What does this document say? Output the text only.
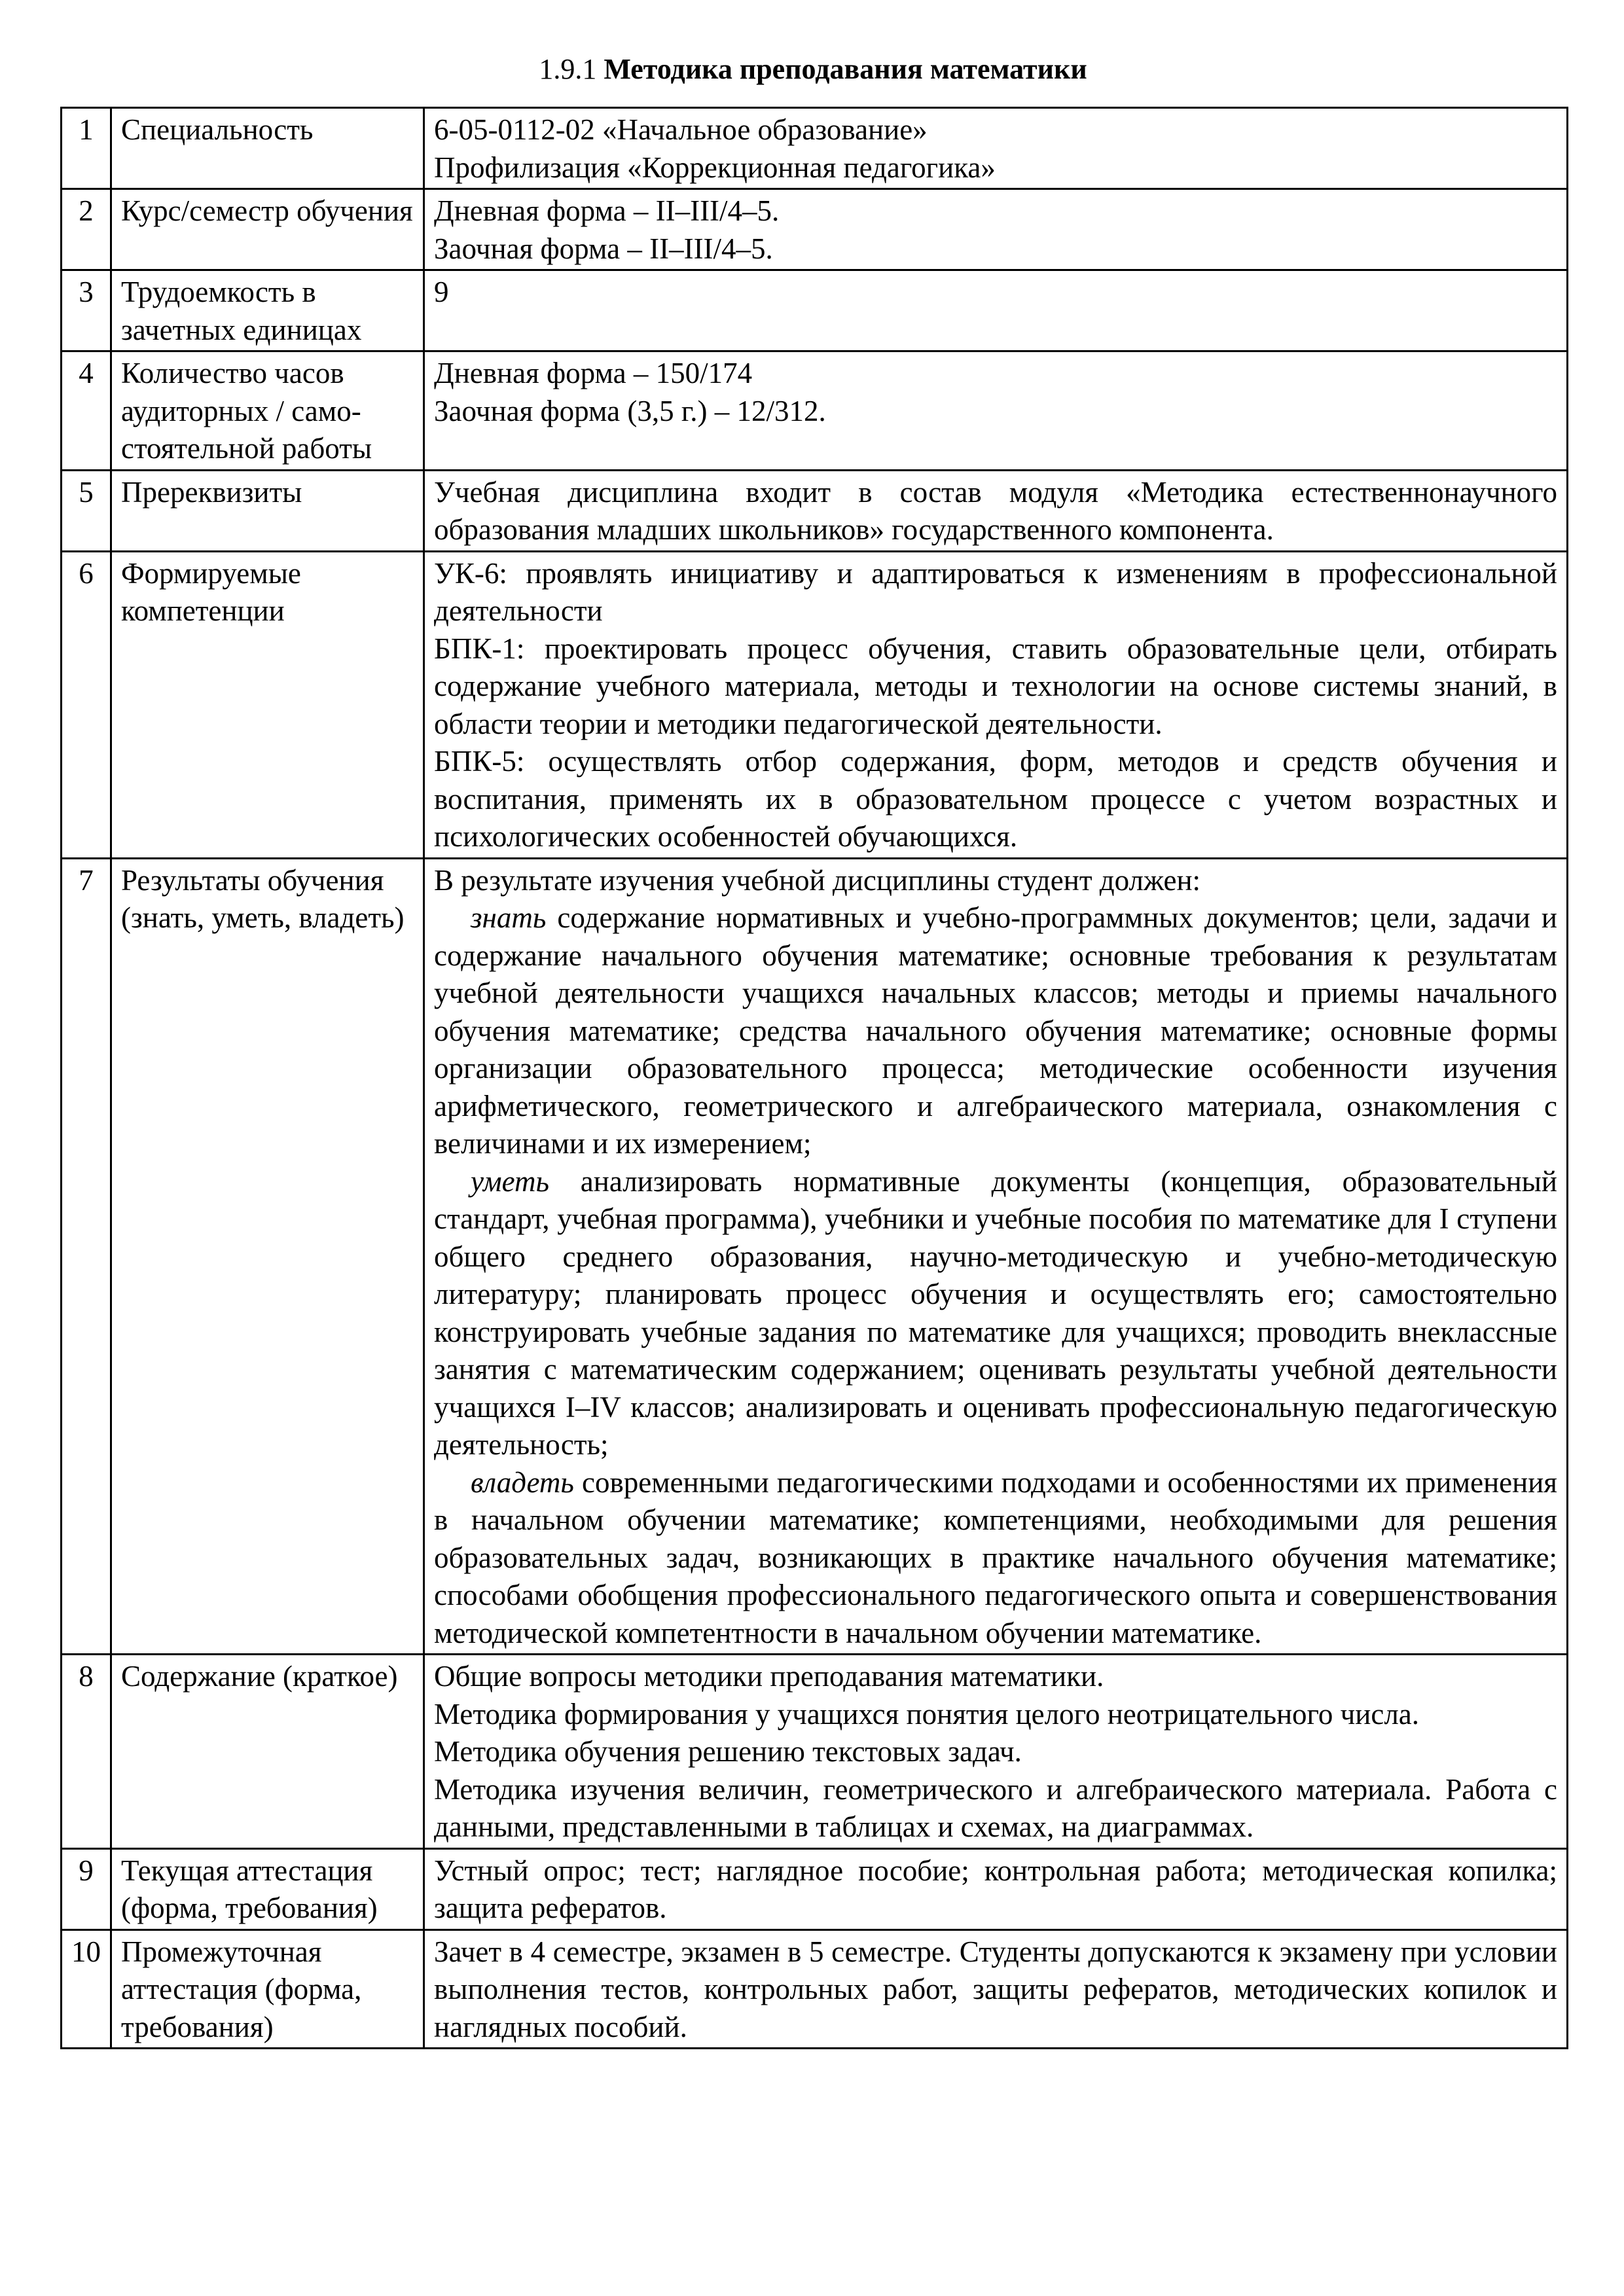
1.9.1 Методика преподавания математики
1	Специальность	6-05-0112-02 «Начальное образование»
Профилизация «Коррекционная педагогика»

2	Курс/семестр обучения	Дневная форма – II–III/4–5.
Заочная форма – II–III/4–5.

3	Трудоемкость в зачетных единицах	9

4	Количество часов аудиторных / само-стоятельной работы	Дневная форма – 150/174
Заочная форма (3,5 г.) – 12/312.

5	Пререквизиты	Учебная дисциплина входит в состав модуля «Методика естественнонаучного образования младших школьников» государственного компонента.

6	Формируемые компетенции	УК-6: проявлять инициативу и адаптироваться к изменениям в профессиональной деятельности
БПК-1: проектировать процесс обучения, ставить образовательные цели, отбирать содержание учебного материала, методы и технологии на основе системы знаний, в области теории и методики педагогической деятельности.
БПК-5: осуществлять отбор содержания, форм, методов и средств обучения и воспитания, применять их в образовательном процессе с учетом возрастных и психологических особенностей обучающихся.

7	Результаты обучения (знать, уметь, владеть)	В результате изучения учебной дисциплины студент должен:
знать содержание нормативных и учебно-программных документов; цели, задачи и содержание начального обучения математике; основные требования к результатам учебной деятельности учащихся начальных классов; методы и приемы начального обучения математике; средства начального обучения математике; основные формы организации образовательного процесса; методические особенности изучения арифметического, геометрического и алгебраического материала, ознакомления с величинами и их измерением;
уметь анализировать нормативные документы (концепция, образовательный стандарт, учебная программа), учебники и учебные пособия по математике для I ступени общего среднего образования, научно-методическую и учебно-методическую литературу; планировать процесс обучения и осуществлять его; самостоятельно конструировать учебные задания по математике для учащихся; проводить внеклассные занятия с математическим содержанием; оценивать результаты учебной деятельности учащихся I–IV классов; анализировать и оценивать профессиональную педагогическую деятельность;
владеть современными педагогическими подходами и особенностями их применения в начальном обучении математике; компетенциями, необходимыми для решения образовательных задач, возникающих в практике начального обучения математике; способами обобщения профессионального педагогического опыта и совершенствования методической компетентности в начальном обучении математике.

8	Содержание (краткое)	Общие вопросы методики преподавания математики.
Методика формирования у учащихся понятия целого неотрицательного числа.
Методика обучения решению текстовых задач.
Методика изучения величин, геометрического и алгебраического материала. Работа с данными, представленными в таблицах и схемах, на диаграммах.

9	Текущая аттестация (форма, требования)	Устный опрос; тест; наглядное пособие; контрольная работа; методическая копилка; защита рефератов.

10	Промежуточная аттестация (форма, требования)	Зачет в 4 семестре, экзамен в 5 семестре. Студенты допускаются к экзамену при условии выполнения тестов, контрольных работ, защиты рефератов, методических копилок и наглядных пособий.
